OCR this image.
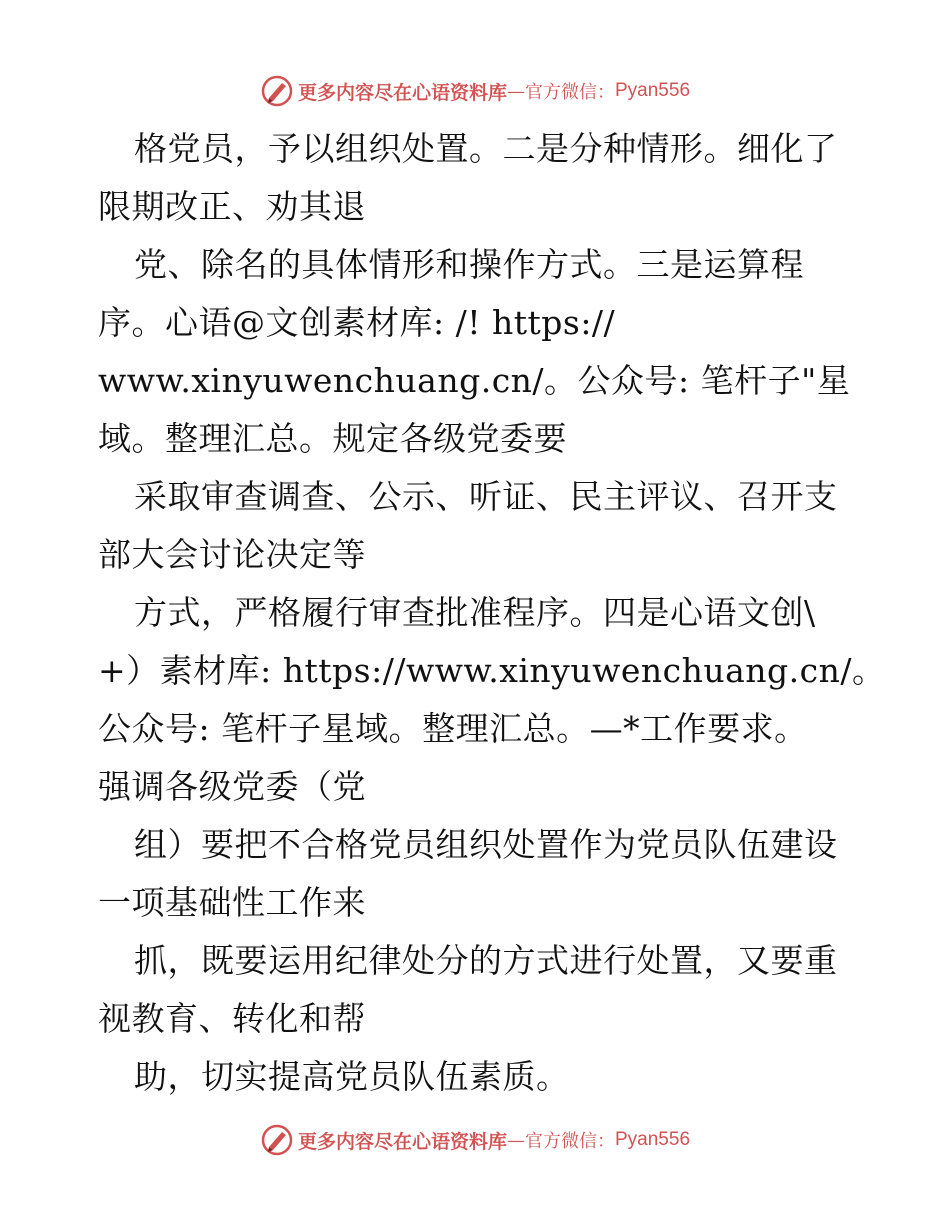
更多内容尽在心语资料库 — 官方微信： Pyan556
格党员，予以组织处置。二是分种情形。细化了
限期改正、劝其退
党、除名的具体情形和操作方式。三是运算程
序。心语@文创素材库: /! https://
www.xinyuwenchuang.cn/。公众号: 笔杆子"星
域。整理汇总。规定各级党委要
采取审查调查、公示、听证、民主评议、召开支
部大会讨论决定等
方式，严格履行审查批准程序。四是心语文创\
+）素材库: https://www.xinyuwenchuang.cn/。
公众号: 笔杆子星域。整理汇总。—*工作要求。
强调各级党委（党
组）要把不合格党员组织处置作为党员队伍建设
一项基础性工作来
抓，既要运用纪律处分的方式进行处置，又要重
视教育、转化和帮
助，切实提高党员队伍素质。
更多内容尽在心语资料库 — 官方微信： Pyan556
